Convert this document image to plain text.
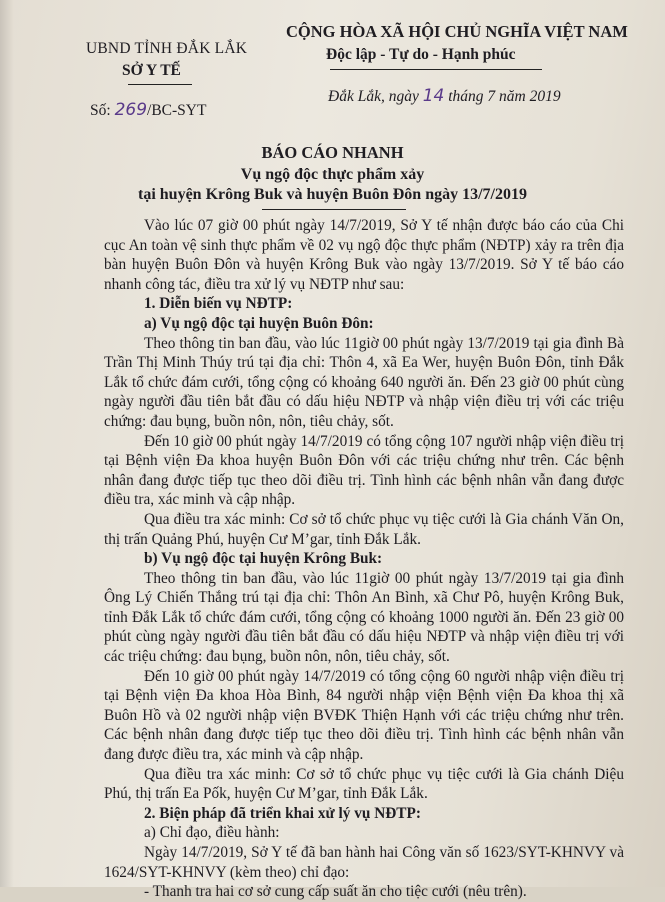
UBND TỈNH ĐẮK LẮK
SỞ Y TẾ
CỘNG HÒA XÃ HỘI CHỦ NGHĨA VIỆT NAM
Độc lập - Tự do - Hạnh phúc
Số: 269/BC-SYT
Đắk Lắk, ngày 14 tháng 7 năm 2019
BÁO CÁO NHANH
Vụ ngộ độc thực phẩm xảy
tại huyện Krông Buk và huyện Buôn Đôn ngày 13/7/2019

Vào lúc 07 giờ 00 phút ngày 14/7/2019, Sở Y tế nhận được báo cáo của Chi cục An toàn vệ sinh thực phẩm về 02 vụ ngộ độc thực phẩm (NĐTP) xảy ra trên địa bàn huyện Buôn Đôn và huyện Krông Buk vào ngày 13/7/2019. Sở Y tế báo cáo nhanh công tác, điều tra xử lý vụ NĐTP như sau:

1. Diễn biến vụ NĐTP:

a) Vụ ngộ độc tại huyện Buôn Đôn:

Theo thông tin ban đầu, vào lúc 11giờ 00 phút ngày 13/7/2019 tại gia đình Bà Trần Thị Minh Thúy trú tại địa chỉ: Thôn 4, xã Ea Wer, huyện Buôn Đôn, tỉnh Đắk Lắk tổ chức đám cưới, tổng cộng có khoảng 640 người ăn. Đến 23 giờ 00 phút cùng ngày người đầu tiên bắt đầu có dấu hiệu NĐTP và nhập viện điều trị với các triệu chứng: đau bụng, buồn nôn, nôn, tiêu chảy, sốt.

Đến 10 giờ 00 phút ngày 14/7/2019 có tổng cộng 107 người nhập viện điều trị tại Bệnh viện Đa khoa huyện Buôn Đôn với các triệu chứng như trên. Các bệnh nhân đang được tiếp tục theo dõi điều trị. Tình hình các bệnh nhân vẫn đang được điều tra, xác minh và cập nhập.

Qua điều tra xác minh: Cơ sở tổ chức phục vụ tiệc cưới là Gia chánh Văn On, thị trấn Quảng Phú, huyện Cư M’gar, tỉnh Đắk Lắk.

b) Vụ ngộ độc tại huyện Krông Buk:

Theo thông tin ban đầu, vào lúc 11giờ 00 phút ngày 13/7/2019 tại gia đình Ông Lý Chiến Thắng trú tại địa chỉ: Thôn An Bình, xã Chư Pô, huyện Krông Buk, tỉnh Đắk Lắk tổ chức đám cưới, tổng cộng có khoảng 1000 người ăn. Đến 23 giờ 00 phút cùng ngày người đầu tiên bắt đầu có dấu hiệu NĐTP và nhập viện điều trị với các triệu chứng: đau bụng, buồn nôn, nôn, tiêu chảy, sốt.

Đến 10 giờ 00 phút ngày 14/7/2019 có tổng cộng 60 người nhập viện điều trị tại Bệnh viện Đa khoa Hòa Bình, 84 người nhập viện Bệnh viện Đa khoa thị xã Buôn Hồ và 02 người nhập viện BVĐK Thiện Hạnh với các triệu chứng như trên. Các bệnh nhân đang được tiếp tục theo dõi điều trị. Tình hình các bệnh nhân vẫn đang được điều tra, xác minh và cập nhập.

Qua điều tra xác minh: Cơ sở tổ chức phục vụ tiệc cưới là Gia chánh Diệu Phú, thị trấn Ea Pốk, huyện Cư M’gar, tỉnh Đắk Lắk.

2. Biện pháp đã triển khai xử lý vụ NĐTP:

a) Chỉ đạo, điều hành:

Ngày 14/7/2019, Sở Y tế đã ban hành hai Công văn số 1623/SYT-KHNVY và 1624/SYT-KHNVY (kèm theo) chỉ đạo:

- Thanh tra hai cơ sở cung cấp suất ăn cho tiệc cưới (nêu trên).
